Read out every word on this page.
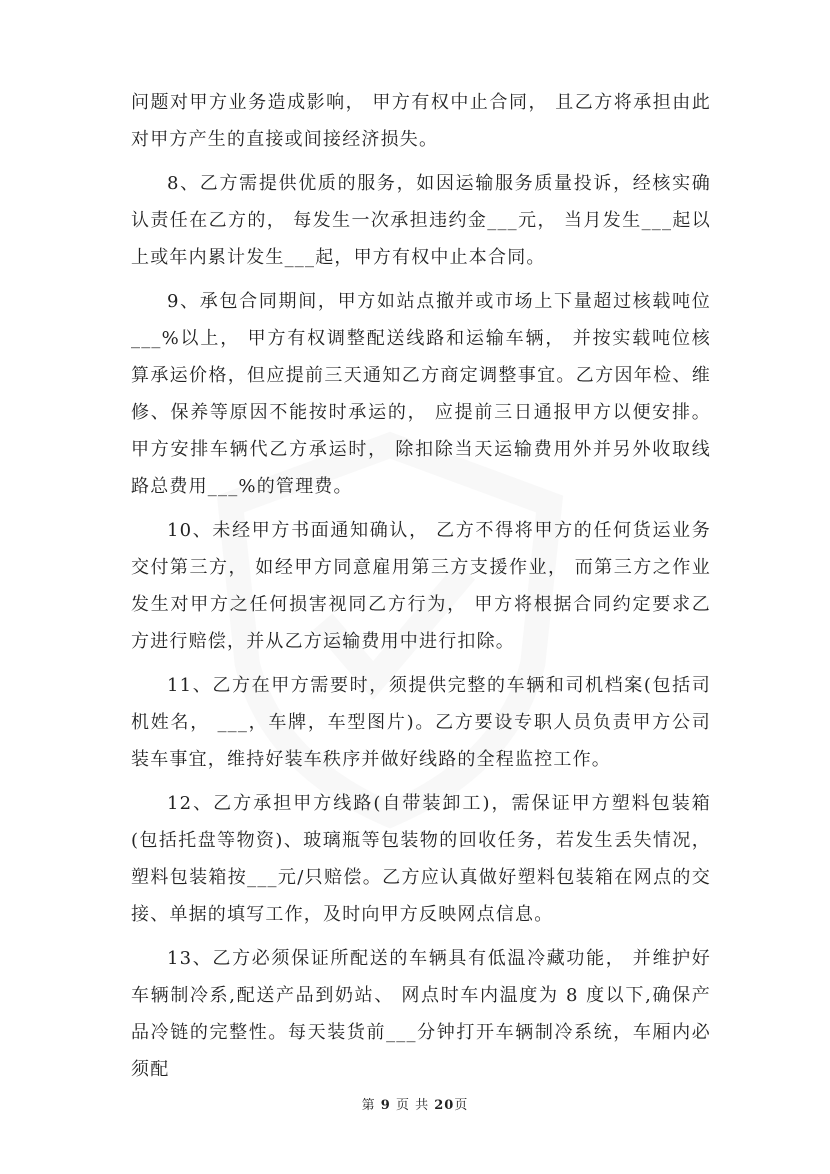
问题对甲方业务造成影响， 甲方有权中止合同， 且乙方将承担由此对甲方产生的直接或间接经济损失。

8、乙方需提供优质的服务，如因运输服务质量投诉，经核实确认责任在乙方的， 每发生一次承担违约金___元， 当月发生___起以上或年内累计发生___起，甲方有权中止本合同。

9、承包合同期间，甲方如站点撤并或市场上下量超过核载吨位___%以上， 甲方有权调整配送线路和运输车辆， 并按实载吨位核算承运价格，但应提前三天通知乙方商定调整事宜。乙方因年检、维修、保养等原因不能按时承运的， 应提前三日通报甲方以便安排。 甲方安排车辆代乙方承运时， 除扣除当天运输费用外并另外收取线路总费用___%的管理费。

10、未经甲方书面通知确认， 乙方不得将甲方的任何货运业务交付第三方， 如经甲方同意雇用第三方支援作业， 而第三方之作业发生对甲方之任何损害视同乙方行为， 甲方将根据合同约定要求乙方进行赔偿，并从乙方运输费用中进行扣除。

11、乙方在甲方需要时，须提供完整的车辆和司机档案(包括司机姓名， ___，车牌，车型图片)。乙方要设专职人员负责甲方公司装车事宜，维持好装车秩序并做好线路的全程监控工作。

12、乙方承担甲方线路(自带装卸工)，需保证甲方塑料包装箱(包括托盘等物资)、玻璃瓶等包装物的回收任务，若发生丢失情况，塑料包装箱按___元/只赔偿。乙方应认真做好塑料包装箱在网点的交接、单据的填写工作，及时向甲方反映网点信息。

13、乙方必须保证所配送的车辆具有低温冷藏功能， 并维护好车辆制冷系,配送产品到奶站、 网点时车内温度为 8 度以下,确保产品冷链的完整性。每天装货前___分钟打开车辆制冷系统，车厢内必须配

第 9 页 共 20页
